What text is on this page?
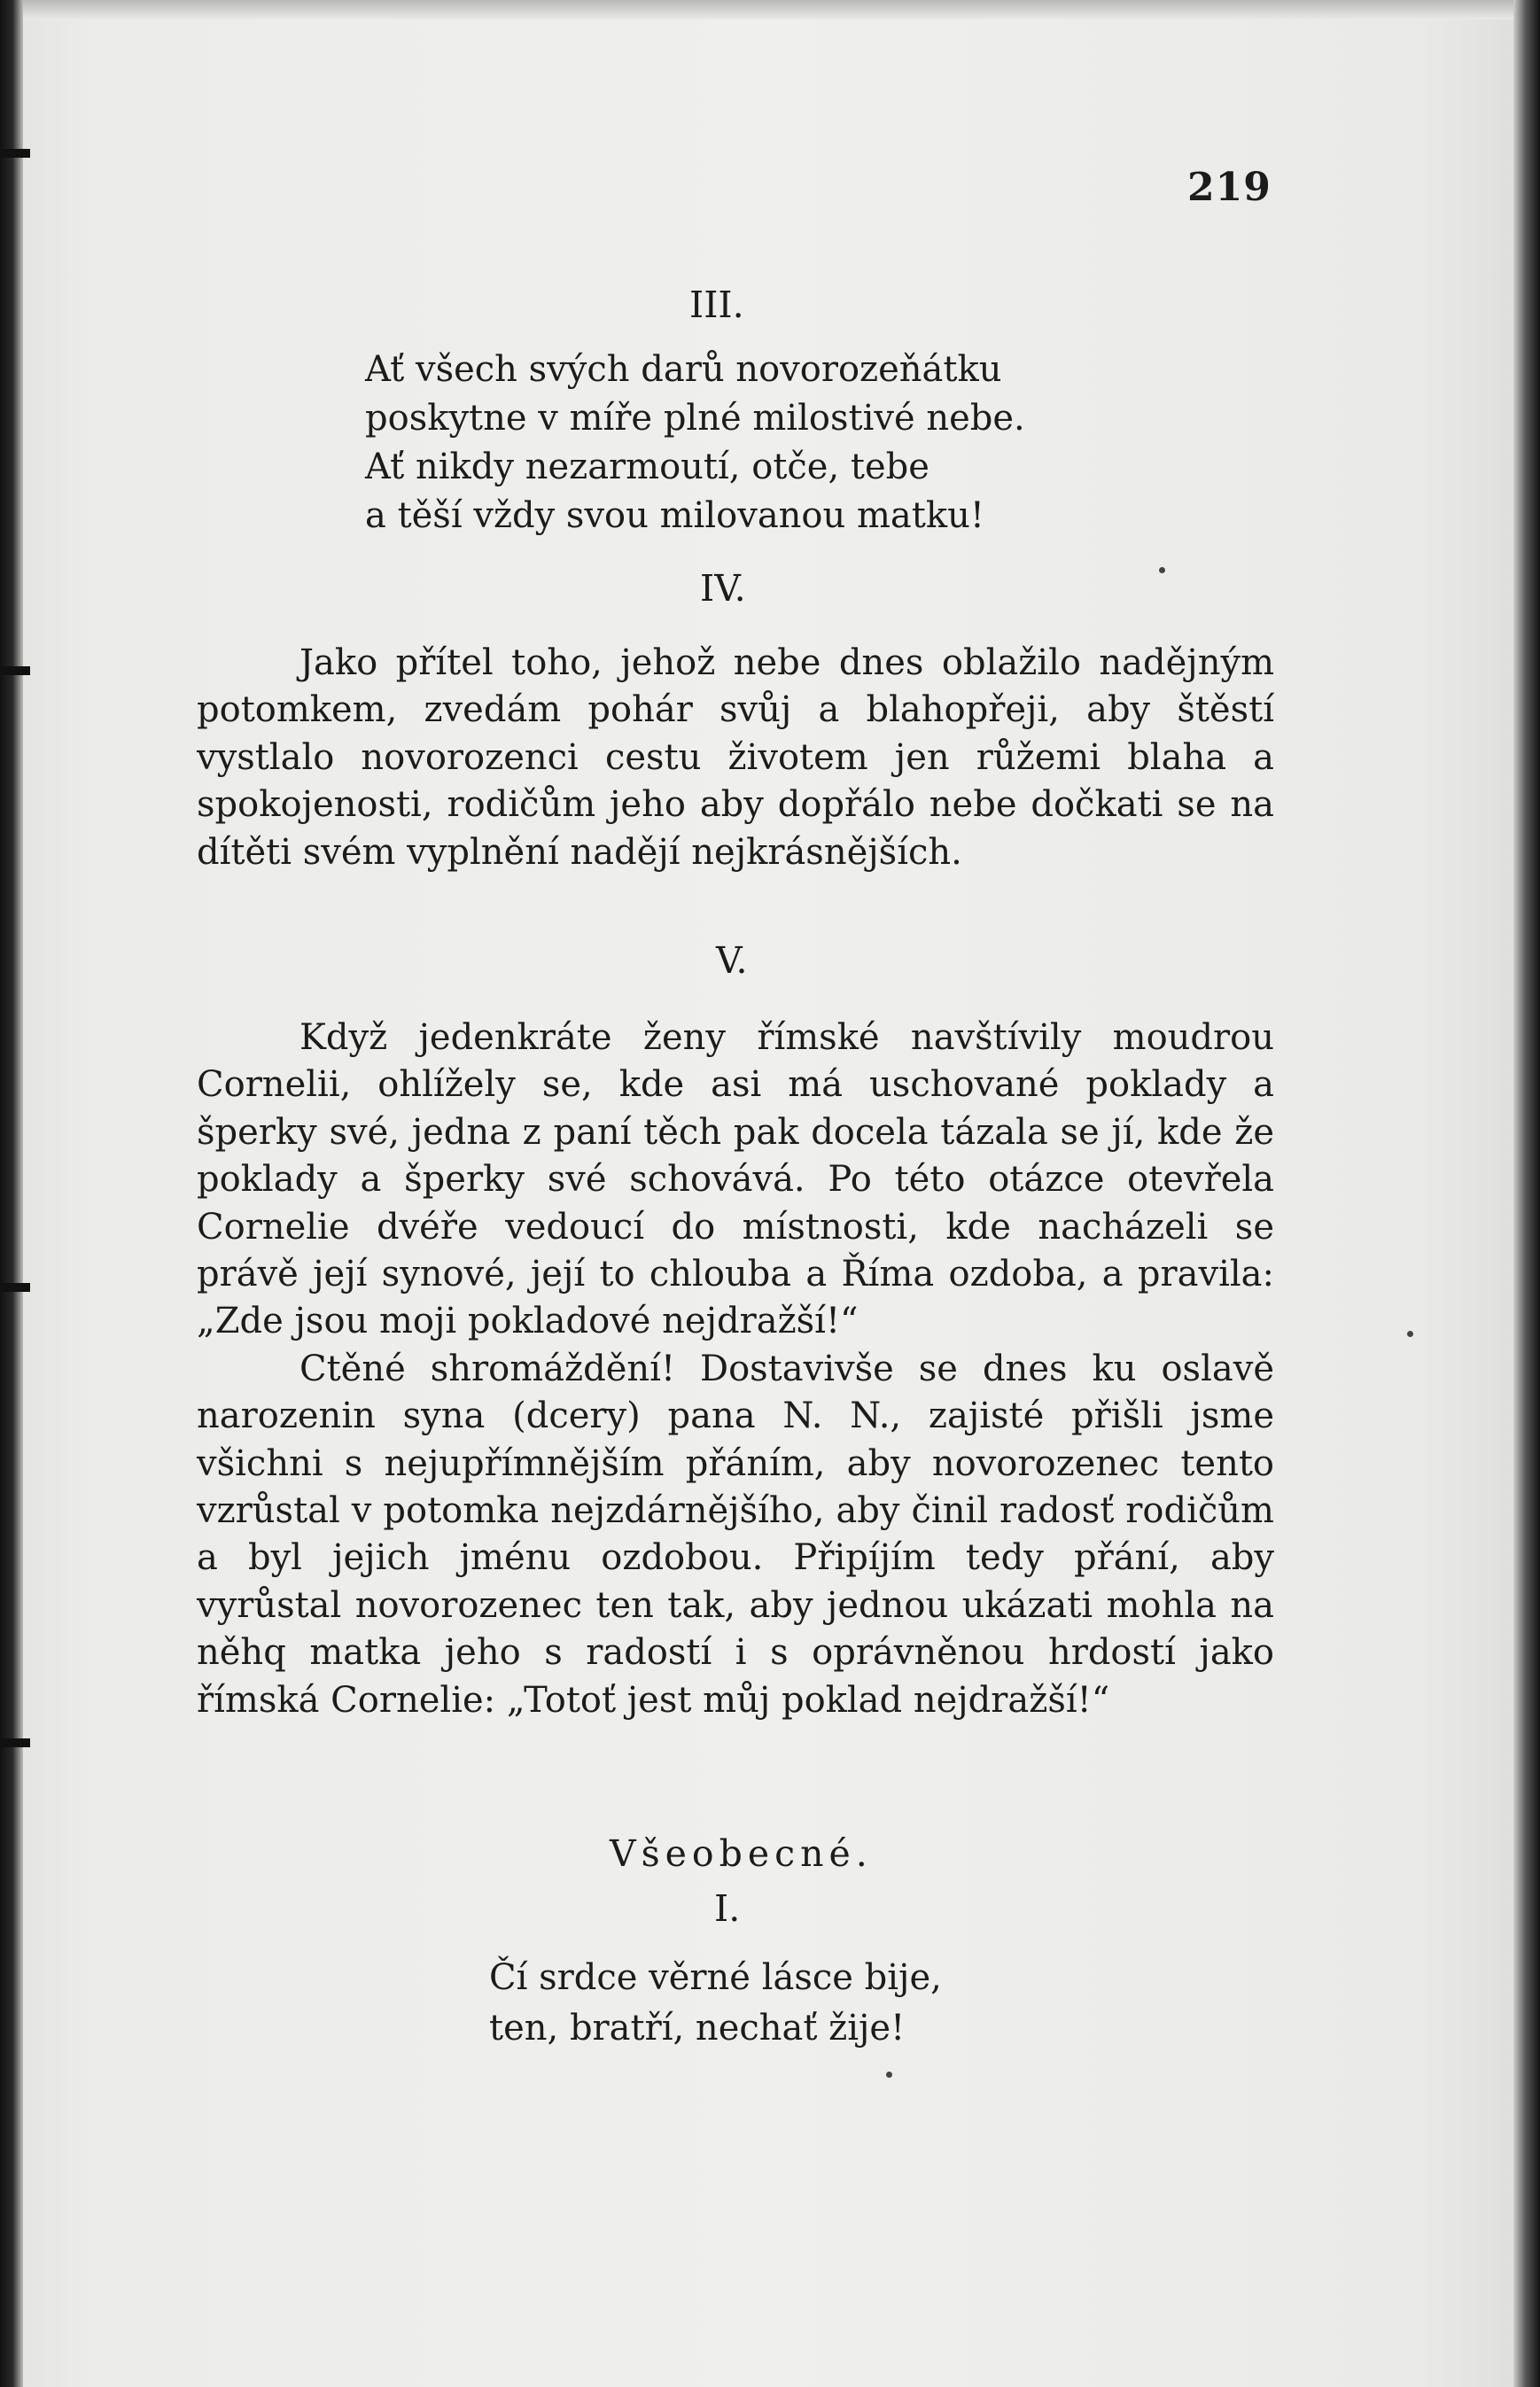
219
III.
Ať všech svých darů novorozeňátku
poskytne v míře plné milostivé nebe.
Ať nikdy nezarmoutí, otče, tebe
a těší vždy svou milovanou matku!
IV.

Jako přítel toho, jehož nebe dnes oblažilo nadějným potomkem, zvedám pohár svůj a blahopřeji, aby štěstí vystlalo novorozenci cestu životem jen růžemi blaha a spokojenosti, rodičům jeho aby dopřálo nebe dočkati se na dítěti svém vyplnění nadějí nejkrásnějších.

V.

Když jedenkráte ženy římské navštívily moudrou Cornelii, ohlížely se, kde asi má uschované poklady a šperky své, jedna z paní těch pak docela tázala se jí, kde že poklady a šperky své schovává. Po této otázce otevřela Cornelie dvéře vedoucí do místnosti, kde nacházeli se právě její synové, její to chlouba a Říma ozdoba, a pravila: „Zde jsou moji pokladové nejdražší!“

Ctěné shromáždění! Dostavivše se dnes ku oslavě narozenin syna (dcery) pana N. N., zajisté přišli jsme všichni s nejupřímnějším přáním, aby novorozenec tento vzrůstal v potomka nejzdárnějšího, aby činil radosť rodičům a byl jejich jménu ozdobou. Připíjím tedy přání, aby vyrůstal novorozenec ten tak, aby jednou ukázati mohla na něhq matka jeho s radostí i s oprávněnou hrdostí jako římská Cornelie: „Totoť jest můj poklad nejdražší!“

Všeobecné.
I.
Čí srdce věrné lásce bije,
ten, bratří, nechať žije!
